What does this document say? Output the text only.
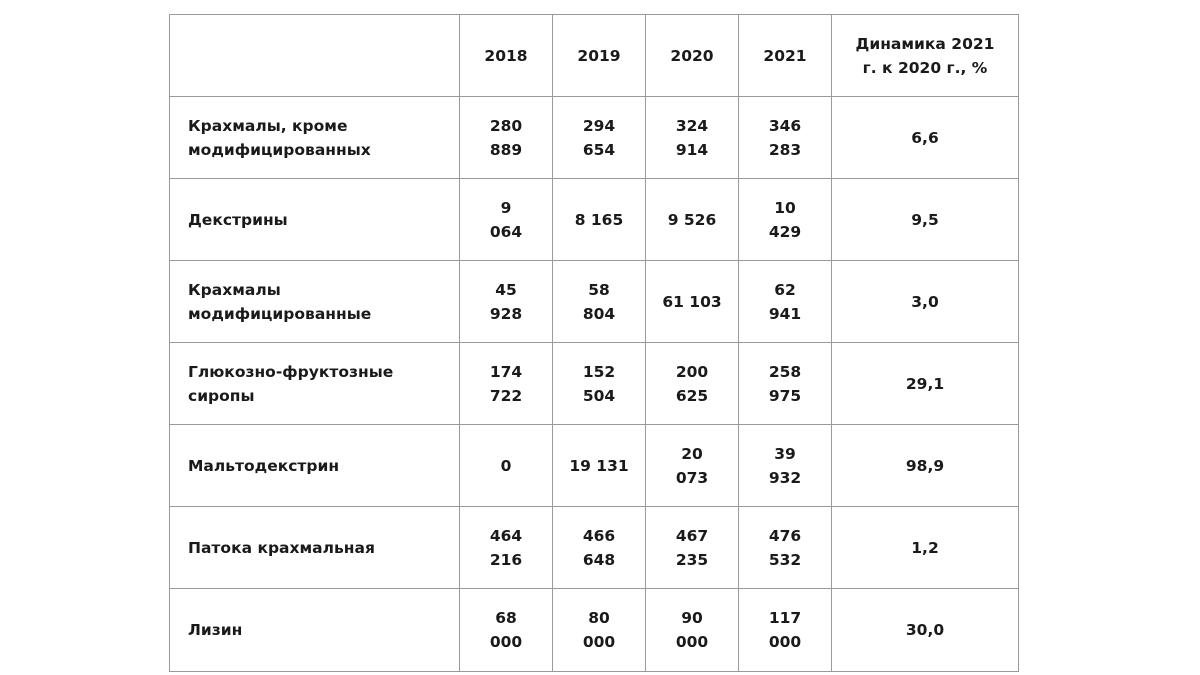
	2018	2019	2020	2021	Динамика 2021 г. к 2020 г., %
Крахмалы, кроме модифицированных	280 889	294 654	324 914	346 283	6,6
Декстрины	9 064	8 165	9 526	10 429	9,5
Крахмалы модифицированные	45 928	58 804	61 103	62 941	3,0
Глюкозно-фруктозные сиропы	174 722	152 504	200 625	258 975	29,1
Мальтодекстрин	0	19 131	20 073	39 932	98,9
Патока крахмальная	464 216	466 648	467 235	476 532	1,2
Лизин	68 000	80 000	90 000	117 000	30,0
